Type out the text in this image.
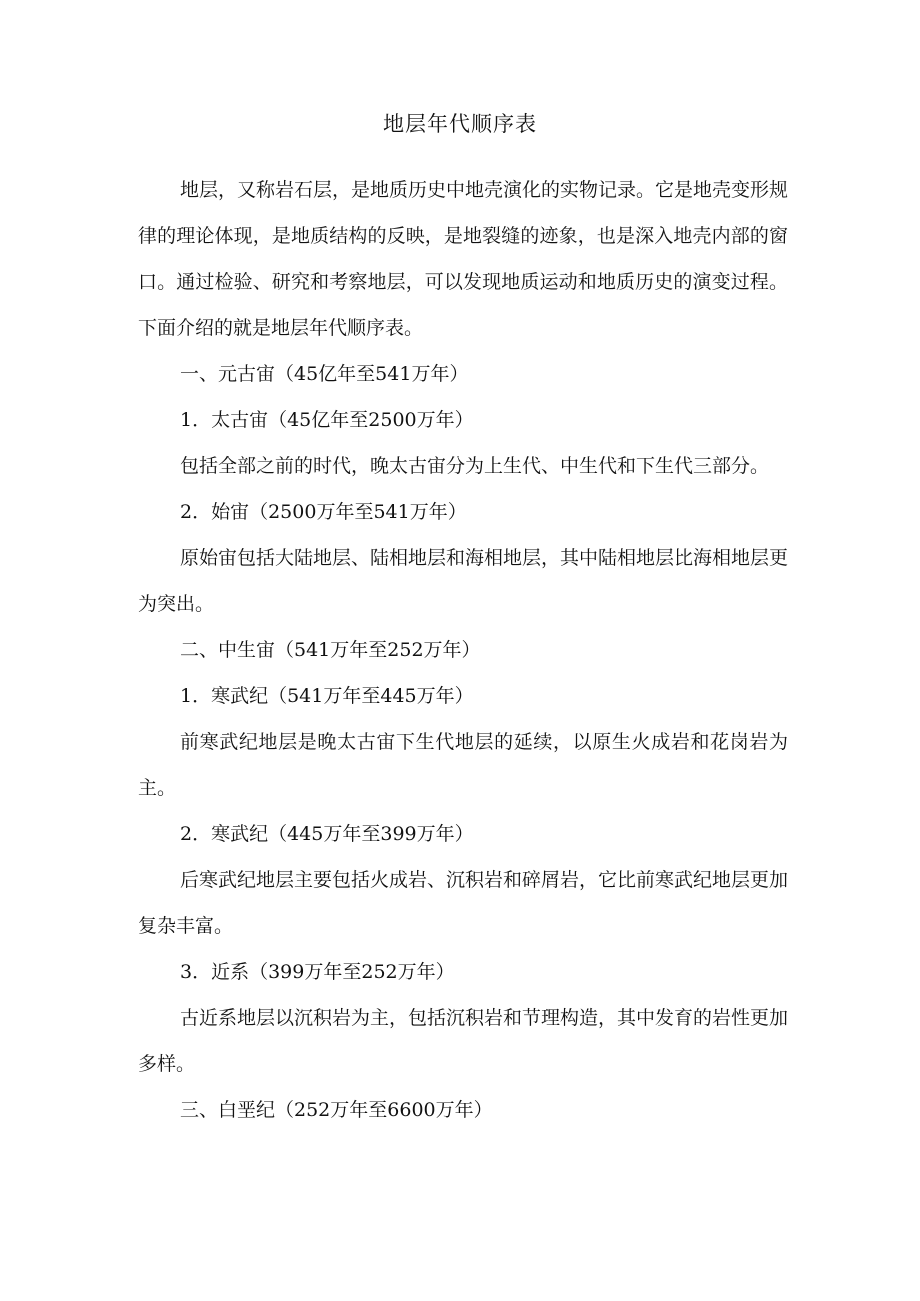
地层年代顺序表

地层，又称岩石层，是地质历史中地壳演化的实物记录。它是地壳变形规律的理论体现，是地质结构的反映，是地裂缝的迹象，也是深入地壳内部的窗口。通过检验、研究和考察地层，可以发现地质运动和地质历史的演变过程。下面介绍的就是地层年代顺序表。

一、元古宙（45亿年至541万年）

1．太古宙（45亿年至2500万年）

包括全部之前的时代，晚太古宙分为上生代、中生代和下生代三部分。

2．始宙（2500万年至541万年）

原始宙包括大陆地层、陆相地层和海相地层，其中陆相地层比海相地层更为突出。

二、中生宙（541万年至252万年）

1．寒武纪（541万年至445万年）

前寒武纪地层是晚太古宙下生代地层的延续，以原生火成岩和花岗岩为主。

2．寒武纪（445万年至399万年）

后寒武纪地层主要包括火成岩、沉积岩和碎屑岩，它比前寒武纪地层更加复杂丰富。

3．近系（399万年至252万年）

古近系地层以沉积岩为主，包括沉积岩和节理构造，其中发育的岩性更加多样。

三、白垩纪（252万年至6600万年）
